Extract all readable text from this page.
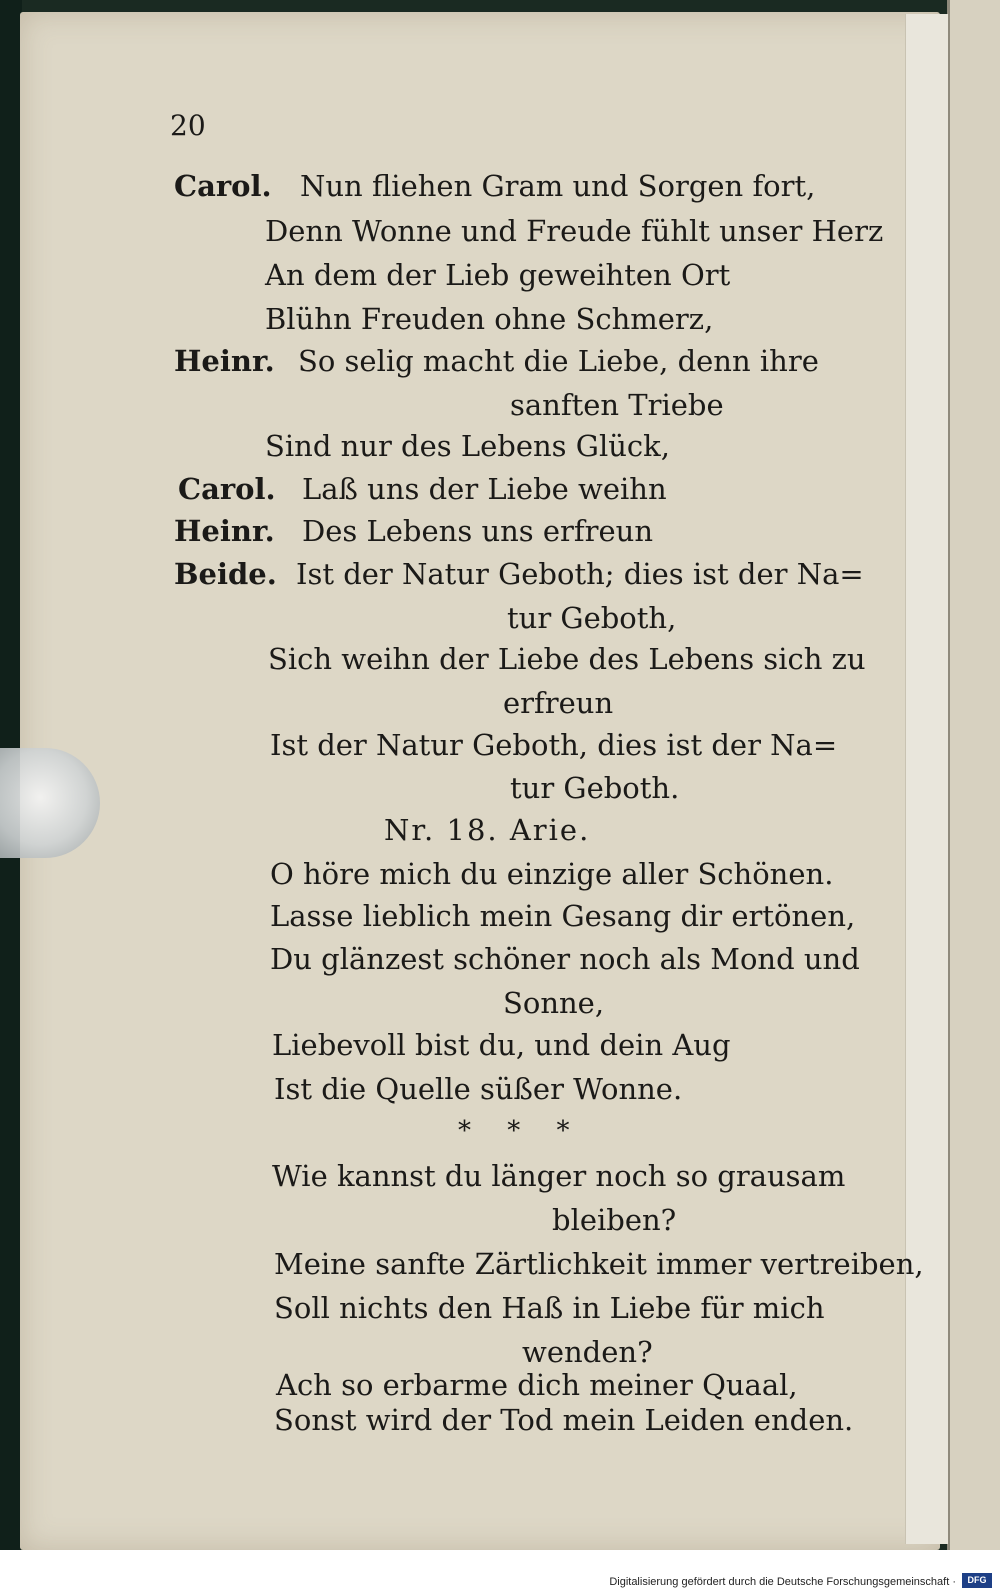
20
Carol. Nun fliehen Gram und Sorgen fort,
Denn Wonne und Freude fühlt unser Herz
An dem der Lieb geweihten Ort
Blühn Freuden ohne Schmerz,
Heinr. So selig macht die Liebe, denn ihre
sanften Triebe
Sind nur des Lebens Glück,
Carol. Laß uns der Liebe weihn
Heinr. Des Lebens uns erfreun
Beide. Ist der Natur Geboth; dies ist der Na=
tur Geboth,
Sich weihn der Liebe des Lebens sich zu
erfreun
Ist der Natur Geboth, dies ist der Na=
tur Geboth.
Nr. 18. Arie.
O höre mich du einzige aller Schönen.
Lasse lieblich mein Gesang dir ertönen,
Du glänzest schöner noch als Mond und
Sonne,
Liebevoll bist du, und dein Aug
Ist die Quelle süßer Wonne.
* * *
Wie kannst du länger noch so grausam
bleiben?
Meine sanfte Zärtlichkeit immer vertreiben,
Soll nichts den Haß in Liebe für mich
wenden?
Ach so erbarme dich meiner Quaal,
Sonst wird der Tod mein Leiden enden.
Digitalisierung gefördert durch die Deutsche Forschungsgemeinschaft ·	DFG
